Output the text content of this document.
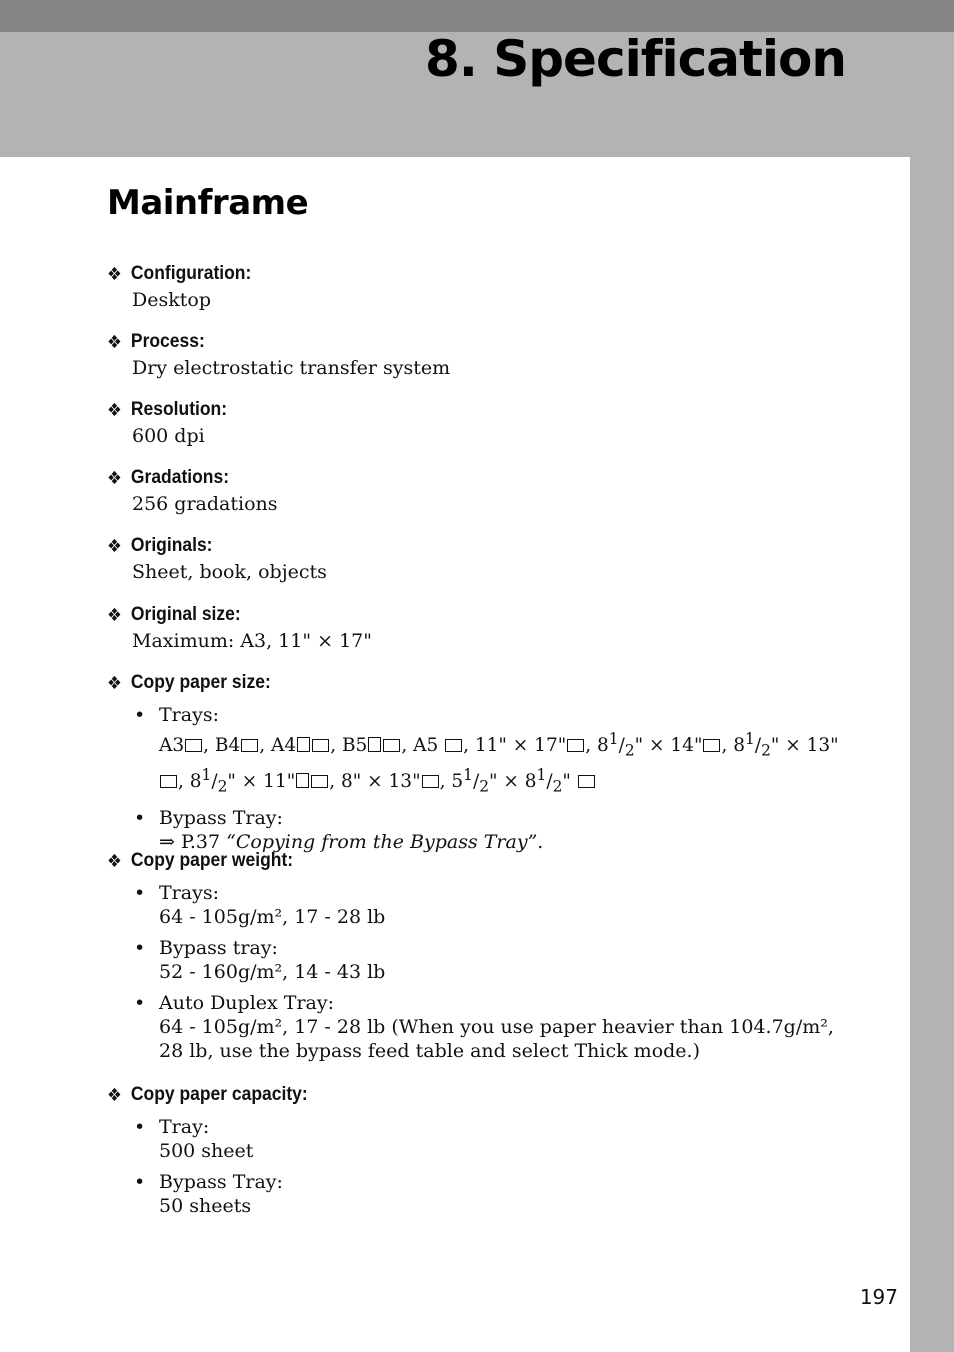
8. Specification
Mainframe
❖ Configuration:
Desktop
❖ Process:
Dry electrostatic transfer system
❖ Resolution:
600 dpi
❖ Gradations:
256 gradations
❖ Originals:
Sheet, book, objects
❖ Original size:
Maximum: A3, 11" × 17"
❖ Copy paper size:
• Trays:
A3 , B4 , A4 , B5 , A5 , 11" × 17" , $8^1/_2$" × 14" , $8^1/_2$" × 13", $8^1/_2$" × 11" , 8" × 13" , $5^1/_2$" × $8^1/_2$"
• Bypass Tray:
⇒ P.37 “Copying from the Bypass Tray”.
❖ Copy paper weight:
• Trays:
64 - 105g/m², 17 - 28 lb
• Bypass tray:
52 - 160g/m², 14 - 43 lb
• Auto Duplex Tray:
64 - 105g/m², 17 - 28 lb (When you use paper heavier than 104.7g/m², 28 lb, use the bypass feed table and select Thick mode.)
❖ Copy paper capacity:
• Tray:
500 sheet
• Bypass Tray:
50 sheets
197
